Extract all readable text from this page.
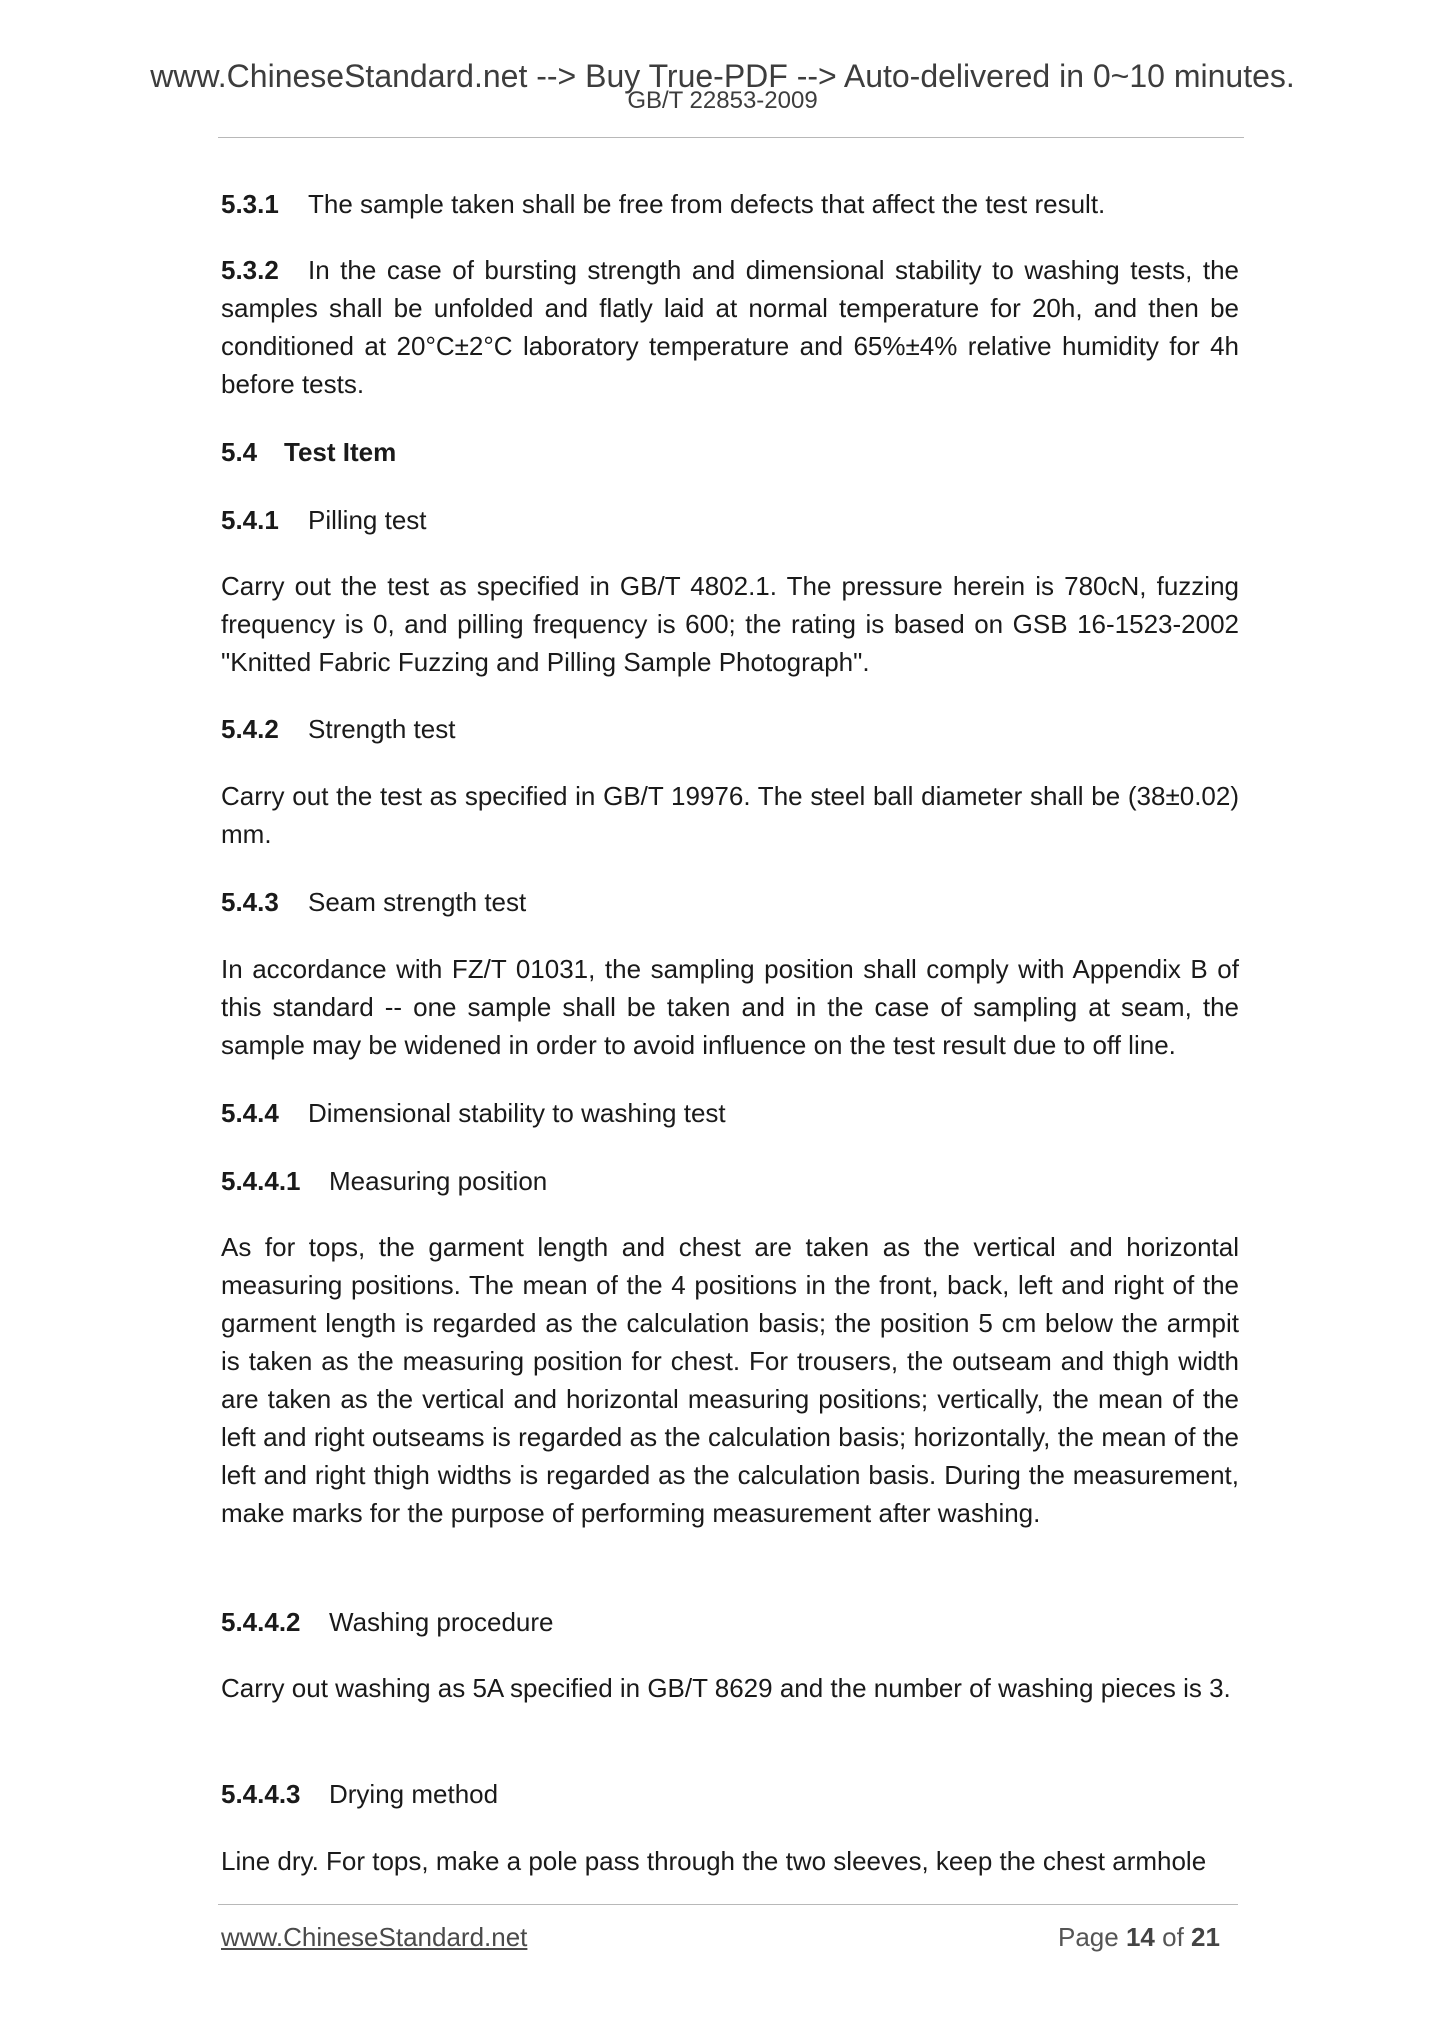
www.ChineseStandard.net --> Buy True-PDF --> Auto-delivered in 0~10 minutes.
GB/T 22853-2009
5.3.1 The sample taken shall be free from defects that affect the test result.
5.3.2 In the case of bursting strength and dimensional stability to washing tests, the samples shall be unfolded and flatly laid at normal temperature for 20h, and then be conditioned at 20°C±2°C laboratory temperature and 65%±4% relative humidity for 4h before tests.
5.4 Test Item
5.4.1 Pilling test
Carry out the test as specified in GB/T 4802.1. The pressure herein is 780cN, fuzzing frequency is 0, and pilling frequency is 600; the rating is based on GSB 16-1523-2002 "Knitted Fabric Fuzzing and Pilling Sample Photograph".
5.4.2 Strength test
Carry out the test as specified in GB/T 19976. The steel ball diameter shall be (38±0.02) mm.
5.4.3 Seam strength test
In accordance with FZ/T 01031, the sampling position shall comply with Appendix B of this standard -- one sample shall be taken and in the case of sampling at seam, the sample may be widened in order to avoid influence on the test result due to off line.
5.4.4 Dimensional stability to washing test
5.4.4.1 Measuring position
As for tops, the garment length and chest are taken as the vertical and horizontal measuring positions. The mean of the 4 positions in the front, back, left and right of the garment length is regarded as the calculation basis; the position 5 cm below the armpit is taken as the measuring position for chest. For trousers, the outseam and thigh width are taken as the vertical and horizontal measuring positions; vertically, the mean of the left and right outseams is regarded as the calculation basis; horizontally, the mean of the left and right thigh widths is regarded as the calculation basis. During the measurement, make marks for the purpose of performing measurement after washing.
5.4.4.2 Washing procedure
Carry out washing as 5A specified in GB/T 8629 and the number of washing pieces is 3.
5.4.4.3 Drying method
Line dry. For tops, make a pole pass through the two sleeves, keep the chest armhole
www.ChineseStandard.net	Page 14 of 21
